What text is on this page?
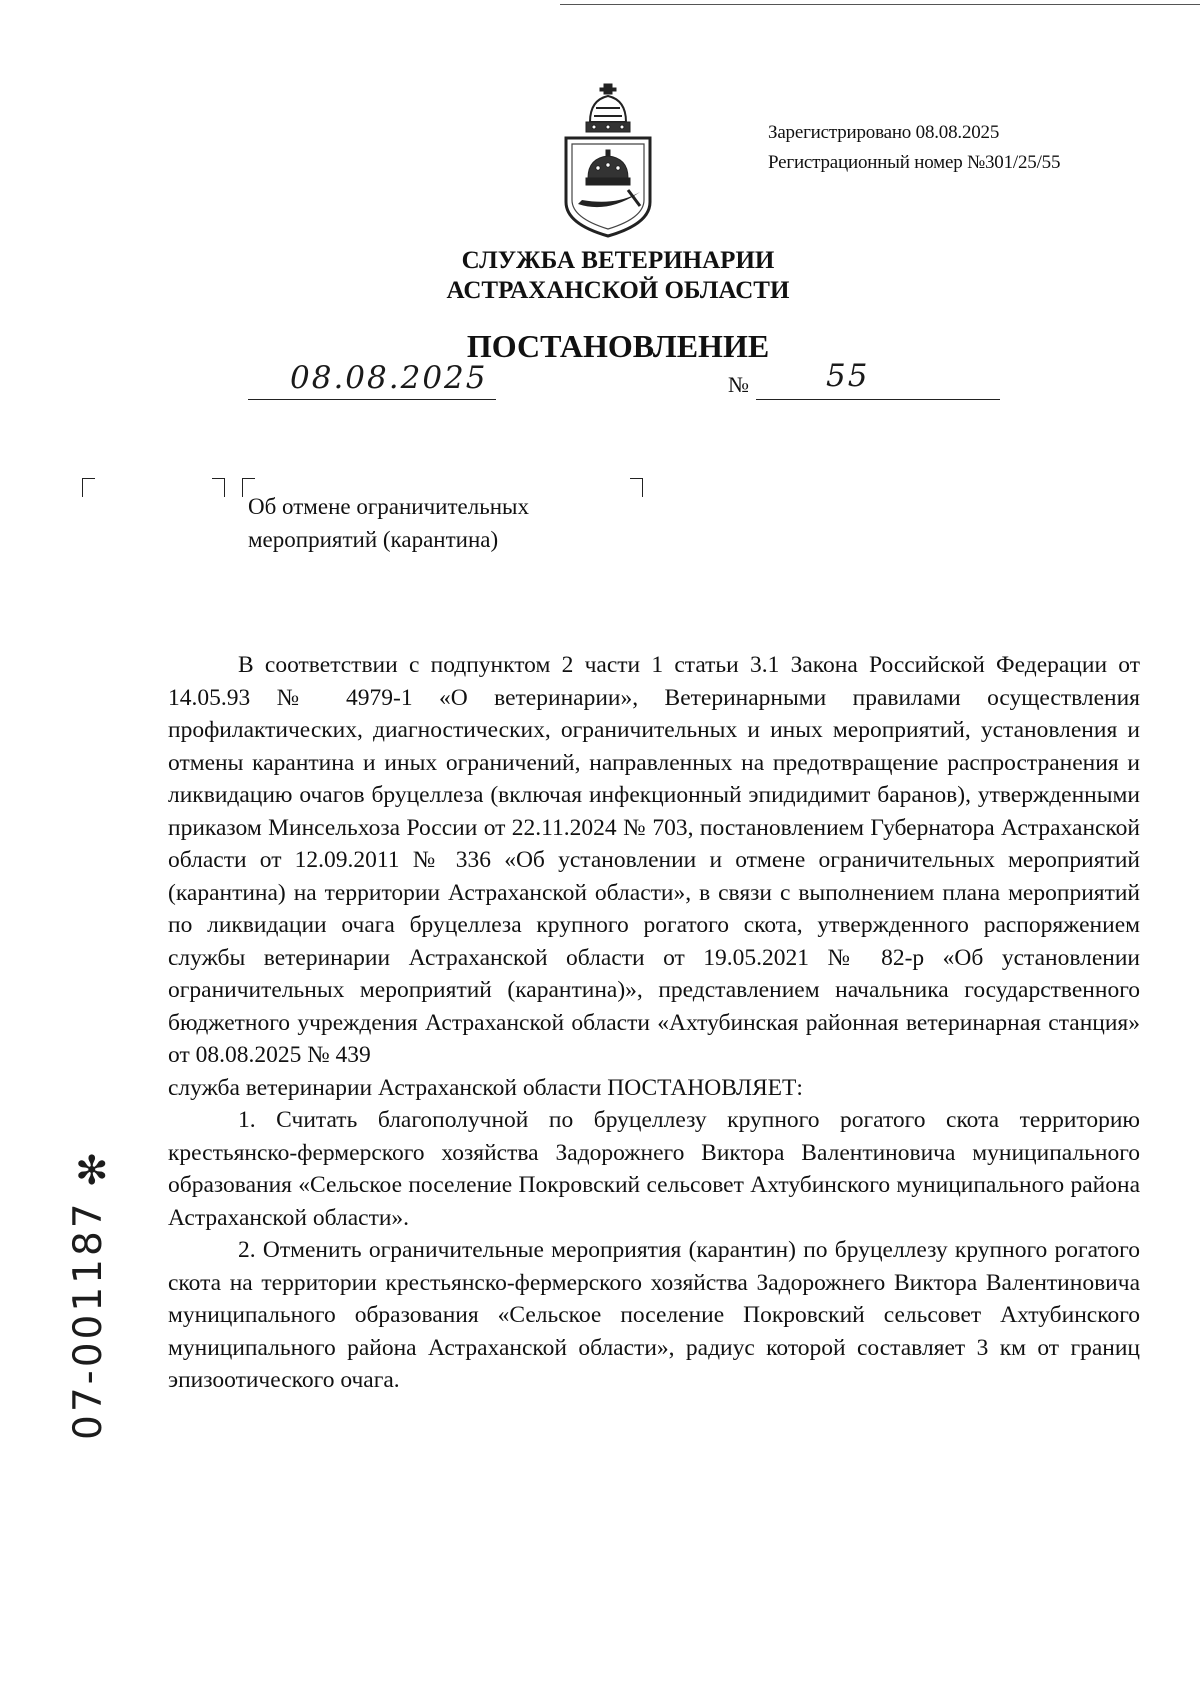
Зарегистрировано 08.08.2025
Регистрационный номер №301/25/55
СЛУЖБА ВЕТЕРИНАРИИ
АСТРАХАНСКОЙ ОБЛАСТИ
ПОСТАНОВЛЕНИЕ
08.08.2025	№ 55
Об отмене ограничительных
мероприятий (карантина)

В соответствии с подпунктом 2 части 1 статьи 3.1 Закона Российской Федерации от 14.05.93 № 4979-1 «О ветеринарии», Ветеринарными правилами осуществления профилактических, диагностических, ограничительных и иных мероприятий, установления и отмены карантина и иных ограничений, направленных на предотвращение распространения и ликвидацию очагов бруцеллеза (включая инфекционный эпидидимит баранов), утвержденными приказом Минсельхоза России от 22.11.2024 № 703, постановлением Губернатора Астраханской области от 12.09.2011 № 336 «Об установлении и отмене ограничительных мероприятий (карантина) на территории Астраханской области», в связи с выполнением плана мероприятий по ликвидации очага бруцеллеза крупного рогатого скота, утвержденного распоряжением службы ветеринарии Астраханской области от 19.05.2021 № 82-р «Об установлении ограничительных мероприятий (карантина)», представлением начальника государственного бюджетного учреждения Астраханской области «Ахтубинская районная ветеринарная станция» от 08.08.2025 № 439

служба ветеринарии Астраханской области ПОСТАНОВЛЯЕТ:

1. Считать благополучной по бруцеллезу крупного рогатого скота территорию крестьянско-фермерского хозяйства Задорожнего Виктора Валентиновича муниципального образования «Сельское поселение Покровский сельсовет Ахтубинского муниципального района Астраханской области».

2. Отменить ограничительные мероприятия (карантин) по бруцеллезу крупного рогатого скота на территории крестьянско-фермерского хозяйства Задорожнего Виктора Валентиновича муниципального образования «Сельское поселение Покровский сельсовет Ахтубинского муниципального района Астраханской области», радиус которой составляет 3 км от границ эпизоотического очага.

✻
07-001187
